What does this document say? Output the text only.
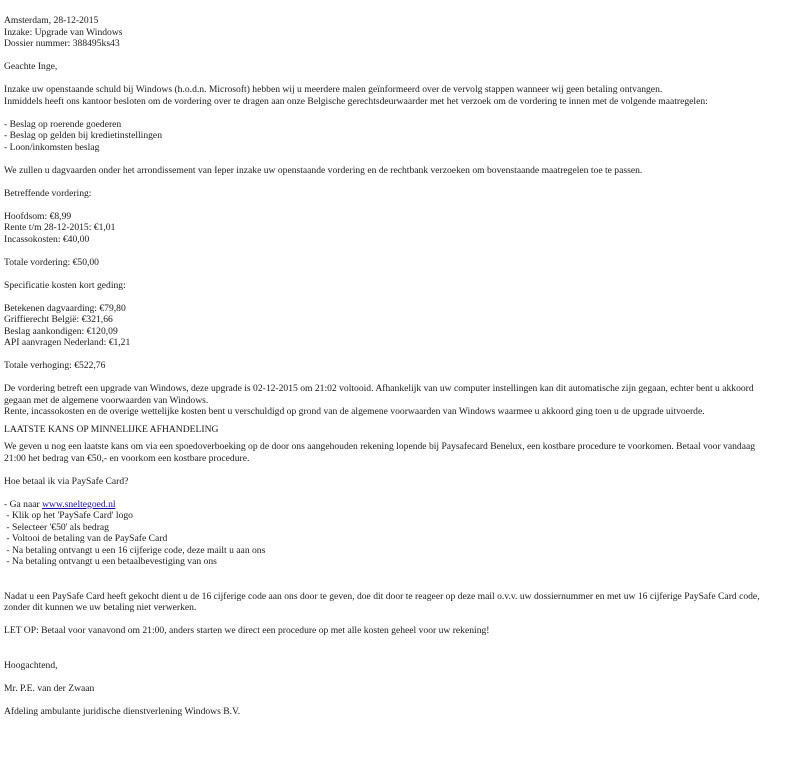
Amsterdam, 28-12-2015

Inzake: Upgrade van Windows

Dossier nummer: 388495ks43

Geachte Inge,

Inzake uw openstaande schuld bij Windows (h.o.d.n. Microsoft) hebben wij u meerdere malen geïnformeerd over de vervolg stappen wanneer wij geen betaling ontvangen.

Inmiddels heeft ons kantoor besloten om de vordering over te dragen aan onze Belgische gerechtsdeurwaarder met het verzoek om de vordering te innen met de volgende maatregelen:

- Beslag op roerende goederen

- Beslag op gelden bij kredietinstellingen

- Loon/inkomsten beslag

We zullen u dagvaarden onder het arrondissement van Ieper inzake uw openstaande vordering en de rechtbank verzoeken om bovenstaande maatregelen toe te passen.

Betreffende vordering:

Hoofdsom: €8,99

Rente t/m 28-12-2015: €1,01

Incassokosten: €40,00

Totale vordering: €50,00

Specificatie kosten kort geding:

Betekenen dagvaarding: €79,80

Griffierecht België: €321,66

Beslag aankondigen: €120,09

API aanvragen Nederland: €1,21

Totale verhoging: €522,76

De vordering betreft een upgrade van Windows, deze upgrade is 02-12-2015 om 21:02 voltooid. Afhankelijk van uw computer instellingen kan dit automatische zijn gegaan, echter bent u akkoord

gegaan met de algemene voorwaarden van Windows.

Rente, incassokosten en de overige wettelijke kosten bent u verschuldigd op grond van de algemene voorwaarden van Windows waarmee u akkoord ging toen u de upgrade uitvoerde.

LAATSTE KANS OP MINNELIJKE AFHANDELING

We geven u nog een laatste kans om via een spoedoverboeking op de door ons aangehouden rekening lopende bij Paysafecard Benelux, een kostbare procedure te voorkomen. Betaal voor vandaag

21:00 het bedrag van €50,- en voorkom een kostbare procedure.

Hoe betaal ik via PaySafe Card?

- Ga naar www.sneltegoed.nl

- Klik op het 'PaySafe Card' logo

- Selecteer '€50' als bedrag

- Voltooi de betaling van de PaySafe Card

- Na betaling ontvangt u een 16 cijferige code, deze mailt u aan ons

- Na betaling ontvangt u een betaalbevestiging van ons

Nadat u een PaySafe Card heeft gekocht dient u de 16 cijferige code aan ons door te geven, doe dit door te reageer op deze mail o.v.v. uw dossiernummer en met uw 16 cijferige PaySafe Card code,

zonder dit kunnen we uw betaling niet verwerken.

LET OP: Betaal voor vanavond om 21:00, anders starten we direct een procedure op met alle kosten geheel voor uw rekening!

Hoogachtend,

Mr. P.E. van der Zwaan

Afdeling ambulante juridische dienstverlening Windows B.V.
